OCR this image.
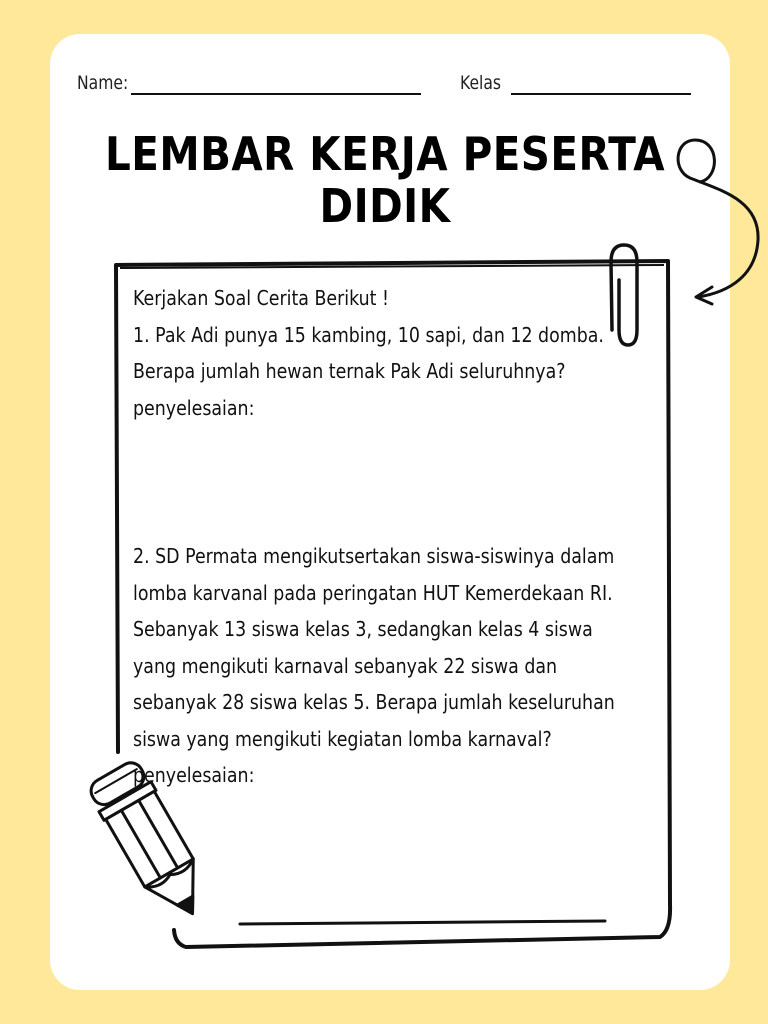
Name:	Kelas
LEMBAR KERJA PESERTA DIDIK

Kerjakan Soal Cerita Berikut !

1. Pak Adi punya 15 kambing, 10 sapi, dan 12 domba.

Berapa jumlah hewan ternak Pak Adi seluruhnya?

penyelesaian:

2. SD Permata mengikutsertakan siswa-siswinya dalam

lomba karvanal pada peringatan HUT Kemerdekaan RI.

Sebanyak 13 siswa kelas 3, sedangkan kelas 4 siswa

yang mengikuti karnaval sebanyak 22 siswa dan

sebanyak 28 siswa kelas 5. Berapa jumlah keseluruhan

siswa yang mengikuti kegiatan lomba karnaval?

penyelesaian:
